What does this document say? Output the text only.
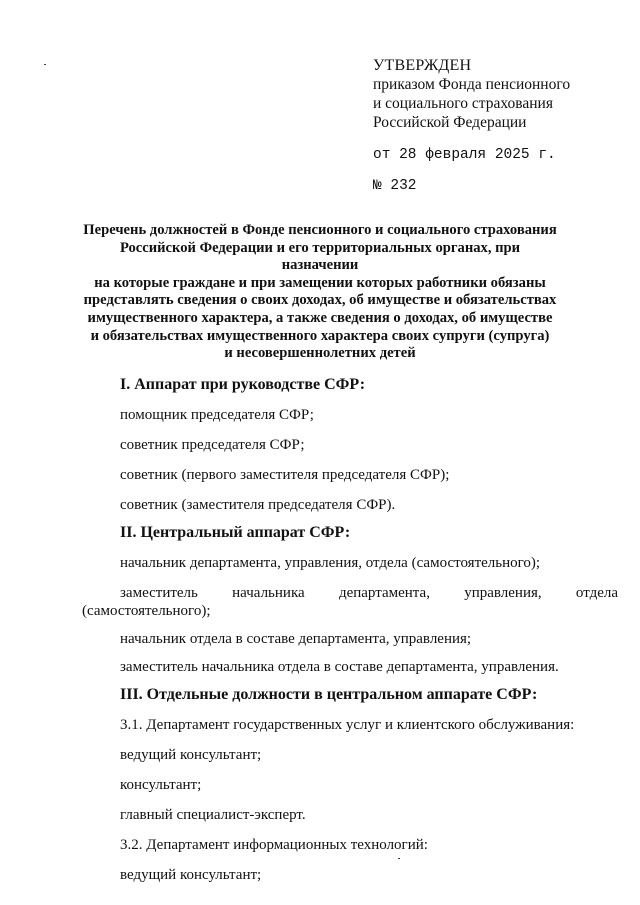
УТВЕРЖДЕН
приказом Фонда пенсионного
и социального страхования
Российской Федерации
от 28 февраля 2025 г.
№ 232
Перечень должностей в Фонде пенсионного и социального страхования
Российской Федерации и его территориальных органах, при назначении
на которые граждане и при замещении которых работники обязаны
представлять сведения о своих доходах, об имуществе и обязательствах
имущественного характера, а также сведения о доходах, об имуществе
и обязательствах имущественного характера своих супруги (супруга)
и несовершеннолетних детей
I. Аппарат при руководстве СФР:
помощник председателя СФР;
советник председателя СФР;
советник (первого заместителя председателя СФР);
советник (заместителя председателя СФР).
II. Центральный аппарат СФР:
начальник департамента, управления, отдела (самостоятельного);
заместитель начальника департамента, управления, отдела
(самостоятельного);
начальник отдела в составе департамента, управления;
заместитель начальника отдела в составе департамента, управления.
III. Отдельные должности в центральном аппарате СФР:
3.1. Департамент государственных услуг и клиентского обслуживания:
ведущий консультант;
консультант;
главный специалист-эксперт.
3.2. Департамент информационных технологий:
ведущий консультант;
